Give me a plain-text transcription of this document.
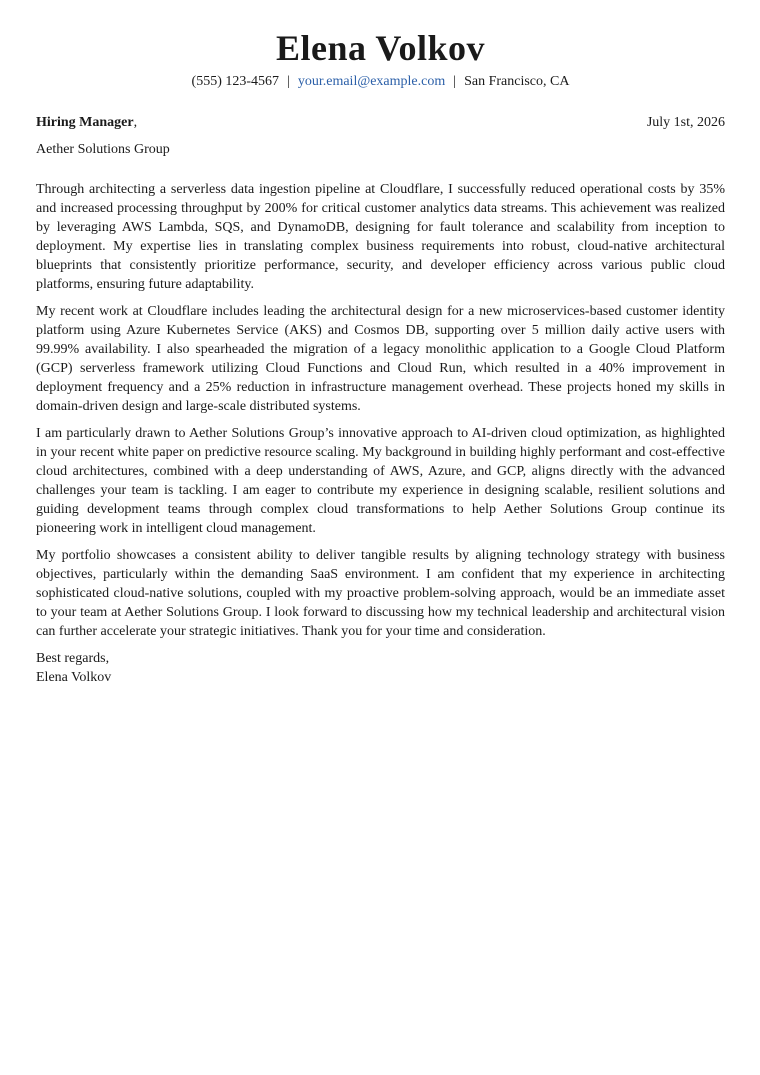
Elena Volkov
(555) 123-4567 | your.email@example.com | San Francisco, CA
Hiring Manager,	July 1st, 2026
Aether Solutions Group

Through architecting a serverless data ingestion pipeline at Cloudflare, I successfully reduced operational costs by 35% and increased processing throughput by 200% for critical customer analytics data streams. This achievement was realized by leveraging AWS Lambda, SQS, and DynamoDB, designing for fault tolerance and scalability from inception to deployment. My expertise lies in translating complex business requirements into robust, cloud-native architectural blueprints that consistently prioritize performance, security, and developer efficiency across various public cloud platforms, ensuring future adaptability.

My recent work at Cloudflare includes leading the architectural design for a new microservices-based customer identity platform using Azure Kubernetes Service (AKS) and Cosmos DB, supporting over 5 million daily active users with 99.99% availability. I also spearheaded the migration of a legacy monolithic application to a Google Cloud Platform (GCP) serverless framework utilizing Cloud Functions and Cloud Run, which resulted in a 40% improvement in deployment frequency and a 25% reduction in infrastructure management overhead. These projects honed my skills in domain-driven design and large-scale distributed systems.

I am particularly drawn to Aether Solutions Group’s innovative approach to AI-driven cloud optimization, as highlighted in your recent white paper on predictive resource scaling. My background in building highly performant and cost-effective cloud architectures, combined with a deep understanding of AWS, Azure, and GCP, aligns directly with the advanced challenges your team is tackling. I am eager to contribute my experience in designing scalable, resilient solutions and guiding development teams through complex cloud transformations to help Aether Solutions Group continue its pioneering work in intelligent cloud management.

My portfolio showcases a consistent ability to deliver tangible results by aligning technology strategy with business objectives, particularly within the demanding SaaS environment. I am confident that my experience in architecting sophisticated cloud-native solutions, coupled with my proactive problem-solving approach, would be an immediate asset to your team at Aether Solutions Group. I look forward to discussing how my technical leadership and architectural vision can further accelerate your strategic initiatives. Thank you for your time and consideration.

Best regards,
Elena Volkov
